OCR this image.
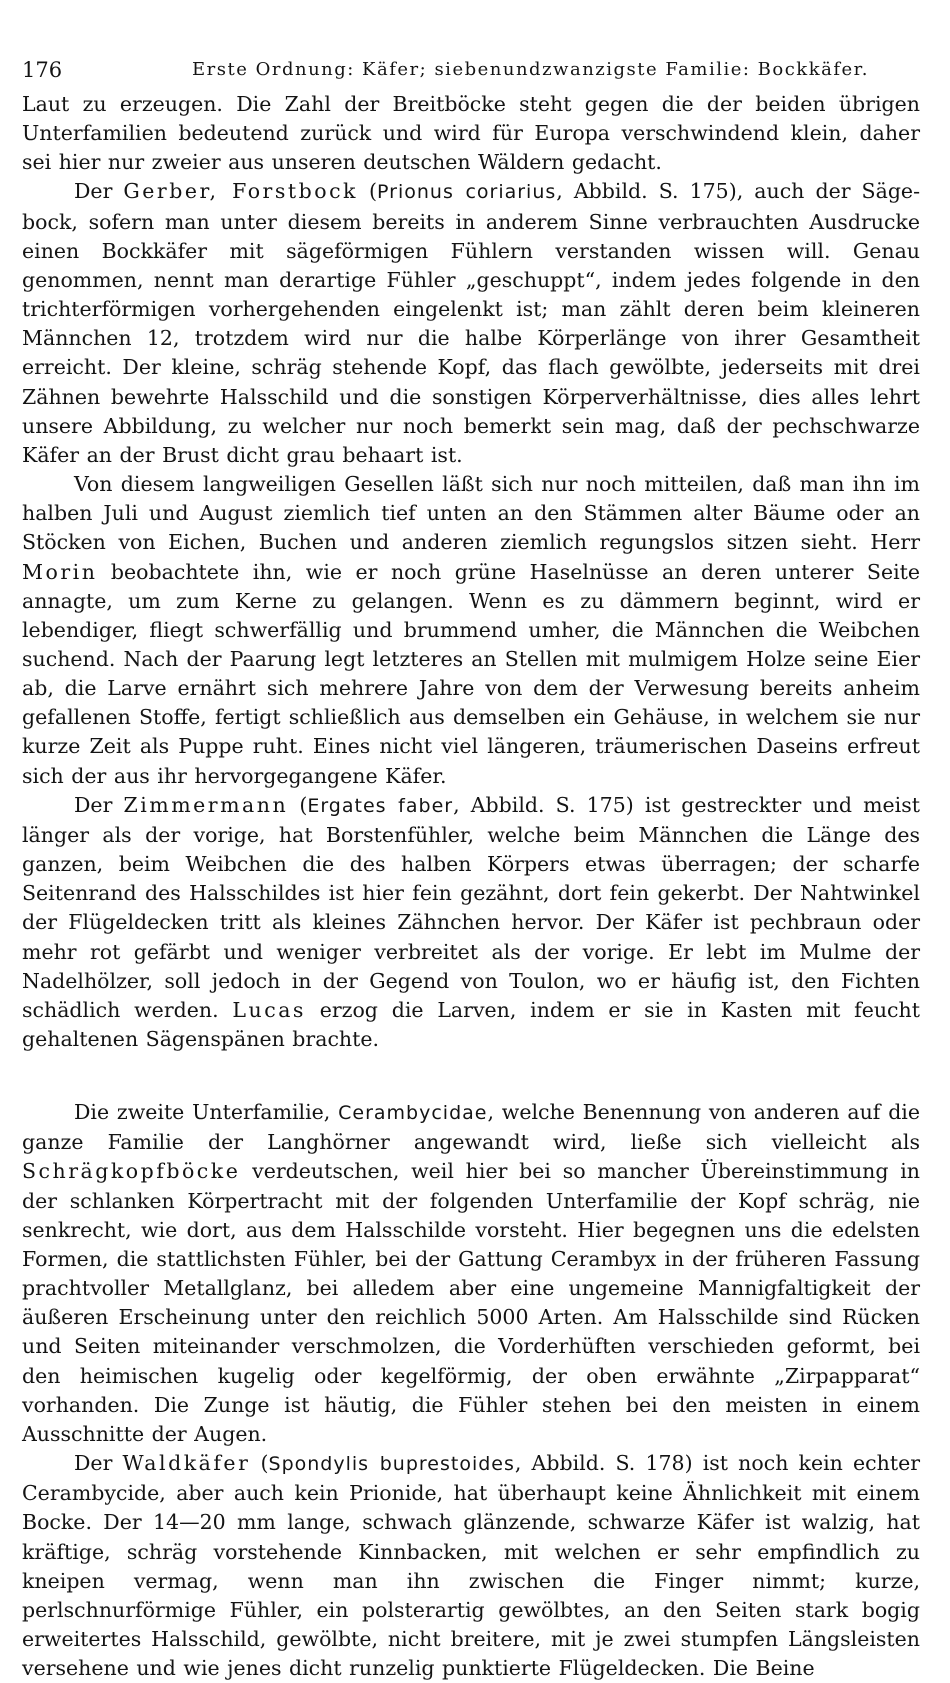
176	Erste Ordnung: Käfer; siebenundzwanzigste Familie: Bockkäfer.

Laut zu erzeugen. Die Zahl der Breitböcke steht gegen die der beiden übrigen Unterfamilien bedeutend zurück und wird für Europa verschwindend klein, daher sei hier nur zweier aus unseren deutschen Wäldern gedacht.

Der Gerber, Forstbock (Prionus coriarius, Abbild. S. 175), auch der Sägebock, sofern man unter diesem bereits in anderem Sinne verbrauchten Ausdrucke einen Bockkäfer mit sägeförmigen Fühlern verstanden wissen will. Genau genommen, nennt man derartige Fühler „geschuppt“, indem jedes folgende in den trichterförmigen vorhergehenden eingelenkt ist; man zählt deren beim kleineren Männchen 12, trotzdem wird nur die halbe Körperlänge von ihrer Gesamtheit erreicht. Der kleine, schräg stehende Kopf, das flach gewölbte, jederseits mit drei Zähnen bewehrte Halsschild und die sonstigen Körperverhältnisse, dies alles lehrt unsere Abbildung, zu welcher nur noch bemerkt sein mag, daß der pechschwarze Käfer an der Brust dicht grau behaart ist.

Von diesem langweiligen Gesellen läßt sich nur noch mitteilen, daß man ihn im halben Juli und August ziemlich tief unten an den Stämmen alter Bäume oder an Stöcken von Eichen, Buchen und anderen ziemlich regungslos sitzen sieht. Herr Morin beobachtete ihn, wie er noch grüne Haselnüsse an deren unterer Seite annagte, um zum Kerne zu gelangen. Wenn es zu dämmern beginnt, wird er lebendiger, fliegt schwerfällig und brummend umher, die Männchen die Weibchen suchend. Nach der Paarung legt letzteres an Stellen mit mulmigem Holze seine Eier ab, die Larve ernährt sich mehrere Jahre von dem der Verwesung bereits anheim gefallenen Stoffe, fertigt schließlich aus demselben ein Gehäuse, in welchem sie nur kurze Zeit als Puppe ruht. Eines nicht viel längeren, träumerischen Daseins erfreut sich der aus ihr hervorgegangene Käfer.

Der Zimmermann (Ergates faber, Abbild. S. 175) ist gestreckter und meist länger als der vorige, hat Borstenfühler, welche beim Männchen die Länge des ganzen, beim Weibchen die des halben Körpers etwas überragen; der scharfe Seitenrand des Halsschildes ist hier fein gezähnt, dort fein gekerbt. Der Nahtwinkel der Flügeldecken tritt als kleines Zähnchen hervor. Der Käfer ist pechbraun oder mehr rot gefärbt und weniger verbreitet als der vorige. Er lebt im Mulme der Nadelhölzer, soll jedoch in der Gegend von Toulon, wo er häufig ist, den Fichten schädlich werden. Lucas erzog die Larven, indem er sie in Kasten mit feucht gehaltenen Sägenspänen brachte.

Die zweite Unterfamilie, Cerambycidae, welche Benennung von anderen auf die ganze Familie der Langhörner angewandt wird, ließe sich vielleicht als Schrägkopfböcke verdeutschen, weil hier bei so mancher Übereinstimmung in der schlanken Körpertracht mit der folgenden Unterfamilie der Kopf schräg, nie senkrecht, wie dort, aus dem Halsschilde vorsteht. Hier begegnen uns die edelsten Formen, die stattlichsten Fühler, bei der Gattung Cerambyx in der früheren Fassung prachtvoller Metallglanz, bei alledem aber eine ungemeine Mannigfaltigkeit der äußeren Erscheinung unter den reichlich 5000 Arten. Am Halsschilde sind Rücken und Seiten miteinander verschmolzen, die Vorderhüften verschieden geformt, bei den heimischen kugelig oder kegelförmig, der oben erwähnte „Zirpapparat“ vorhanden. Die Zunge ist häutig, die Fühler stehen bei den meisten in einem Ausschnitte der Augen.

Der Waldkäfer (Spondylis buprestoides, Abbild. S. 178) ist noch kein echter Cerambycide, aber auch kein Prionide, hat überhaupt keine Ähnlichkeit mit einem Bocke. Der 14—20 mm lange, schwach glänzende, schwarze Käfer ist walzig, hat kräftige, schräg vorstehende Kinnbacken, mit welchen er sehr empfindlich zu kneipen vermag, wenn man ihn zwischen die Finger nimmt; kurze, perlschnurförmige Fühler, ein polsterartig gewölbtes, an den Seiten stark bogig erweitertes Halsschild, gewölbte, nicht breitere, mit je zwei stumpfen Längsleisten versehene und wie jenes dicht runzelig punktierte Flügeldecken. Die Beine
